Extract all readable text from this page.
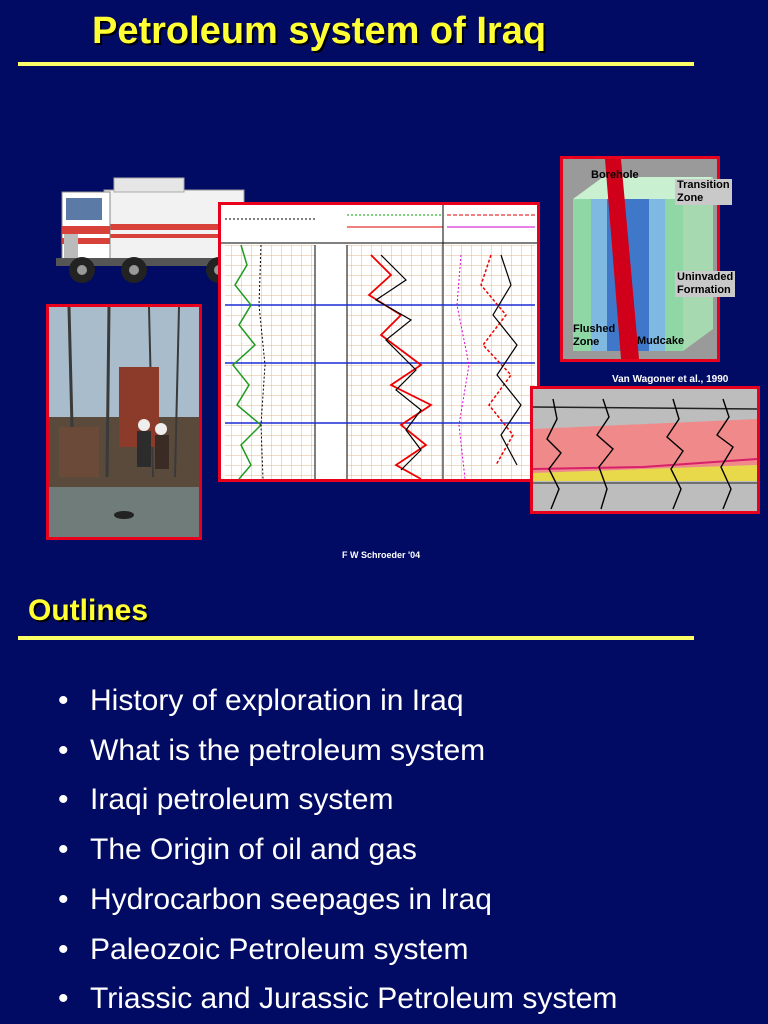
Petroleum system of Iraq
Borehole
Transition
Zone
Uninvaded
Formation
Flushed
Zone	Mudcake
Van Wagoner et al., 1990
F W Schroeder '04
Outlines
• History of exploration in Iraq
• What is the petroleum system
• Iraqi petroleum system
• The Origin of oil and gas
• Hydrocarbon seepages in Iraq
• Paleozoic Petroleum system
• Triassic and Jurassic Petroleum system
